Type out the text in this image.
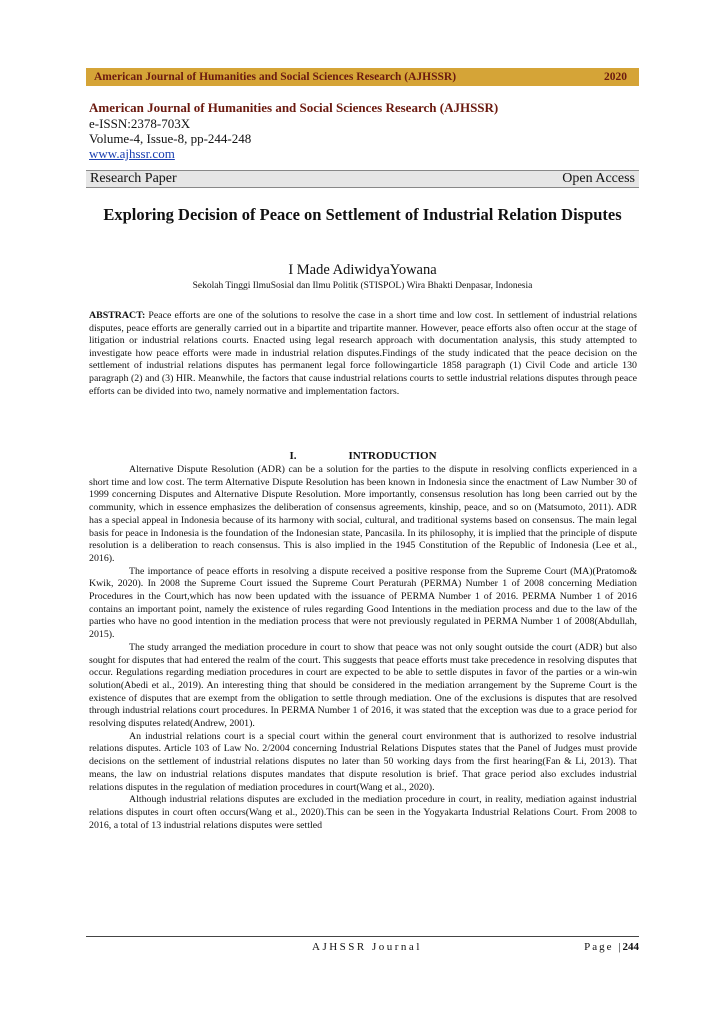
American Journal of Humanities and Social Sciences Research (AJHSSR)	2020
American Journal of Humanities and Social Sciences Research (AJHSSR)
e-ISSN:2378-703X
Volume-4, Issue-8, pp-244-248
www.ajhssr.com
Research Paper	Open Access
Exploring Decision of Peace on Settlement of Industrial Relation Disputes
I Made AdiwidyaYowana
Sekolah Tinggi IlmuSosial dan Ilmu Politik (STISPOL) Wira Bhakti Denpasar, Indonesia
ABSTRACT: Peace efforts are one of the solutions to resolve the case in a short time and low cost. In settlement of industrial relations disputes, peace efforts are generally carried out in a bipartite and tripartite manner. However, peace efforts also often occur at the stage of litigation or industrial relations courts. Enacted using legal research approach with documentation analysis, this study attempted to investigate how peace efforts were made in industrial relation disputes.Findings of the study indicated that the peace decision on the settlement of industrial relations disputes has permanent legal force followingarticle 1858 paragraph (1) Civil Code and article 130 paragraph (2) and (3) HIR. Meanwhile, the factors that cause industrial relations courts to settle industrial relations disputes through peace efforts can be divided into two, namely normative and implementation factors.
I.	INTRODUCTION

Alternative Dispute Resolution (ADR) can be a solution for the parties to the dispute in resolving conflicts experienced in a short time and low cost. The term Alternative Dispute Resolution has been known in Indonesia since the enactment of Law Number 30 of 1999 concerning Disputes and Alternative Dispute Resolution. More importantly, consensus resolution has long been carried out by the community, which in essence emphasizes the deliberation of consensus agreements, kinship, peace, and so on (Matsumoto, 2011). ADR has a special appeal in Indonesia because of its harmony with social, cultural, and traditional systems based on consensus. The main legal basis for peace in Indonesia is the foundation of the Indonesian state, Pancasila. In its philosophy, it is implied that the principle of dispute resolution is a deliberation to reach consensus. This is also implied in the 1945 Constitution of the Republic of Indonesia (Lee et al., 2016).

The importance of peace efforts in resolving a dispute received a positive response from the Supreme Court (MA)(Pratomo& Kwik, 2020). In 2008 the Supreme Court issued the Supreme Court Peraturah (PERMA) Number 1 of 2008 concerning Mediation Procedures in the Court,which has now been updated with the issuance of PERMA Number 1 of 2016. PERMA Number 1 of 2016 contains an important point, namely the existence of rules regarding Good Intentions in the mediation process and due to the law of the parties who have no good intention in the mediation process that were not previously regulated in PERMA Number 1 of 2008(Abdullah, 2015).

The study arranged the mediation procedure in court to show that peace was not only sought outside the court (ADR) but also sought for disputes that had entered the realm of the court. This suggests that peace efforts must take precedence in resolving disputes that occur. Regulations regarding mediation procedures in court are expected to be able to settle disputes in favor of the parties or a win-win solution(Abedi et al., 2019). An interesting thing that should be considered in the mediation arrangement by the Supreme Court is the existence of disputes that are exempt from the obligation to settle through mediation. One of the exclusions is disputes that are resolved through industrial relations court procedures. In PERMA Number 1 of 2016, it was stated that the exception was due to a grace period for resolving disputes related(Andrew, 2001).

An industrial relations court is a special court within the general court environment that is authorized to resolve industrial relations disputes. Article 103 of Law No. 2/2004 concerning Industrial Relations Disputes states that the Panel of Judges must provide decisions on the settlement of industrial relations disputes no later than 50 working days from the first hearing(Fan & Li, 2013). That means, the law on industrial relations disputes mandates that dispute resolution is brief. That grace period also excludes industrial relations disputes in the regulation of mediation procedures in court(Wang et al., 2020).

Although industrial relations disputes are excluded in the mediation procedure in court, in reality, mediation against industrial relations disputes in court often occurs(Wang et al., 2020).This can be seen in the Yogyakarta Industrial Relations Court. From 2008 to 2016, a total of 13 industrial relations disputes were settled

AJHSSR Journal	Page |244
